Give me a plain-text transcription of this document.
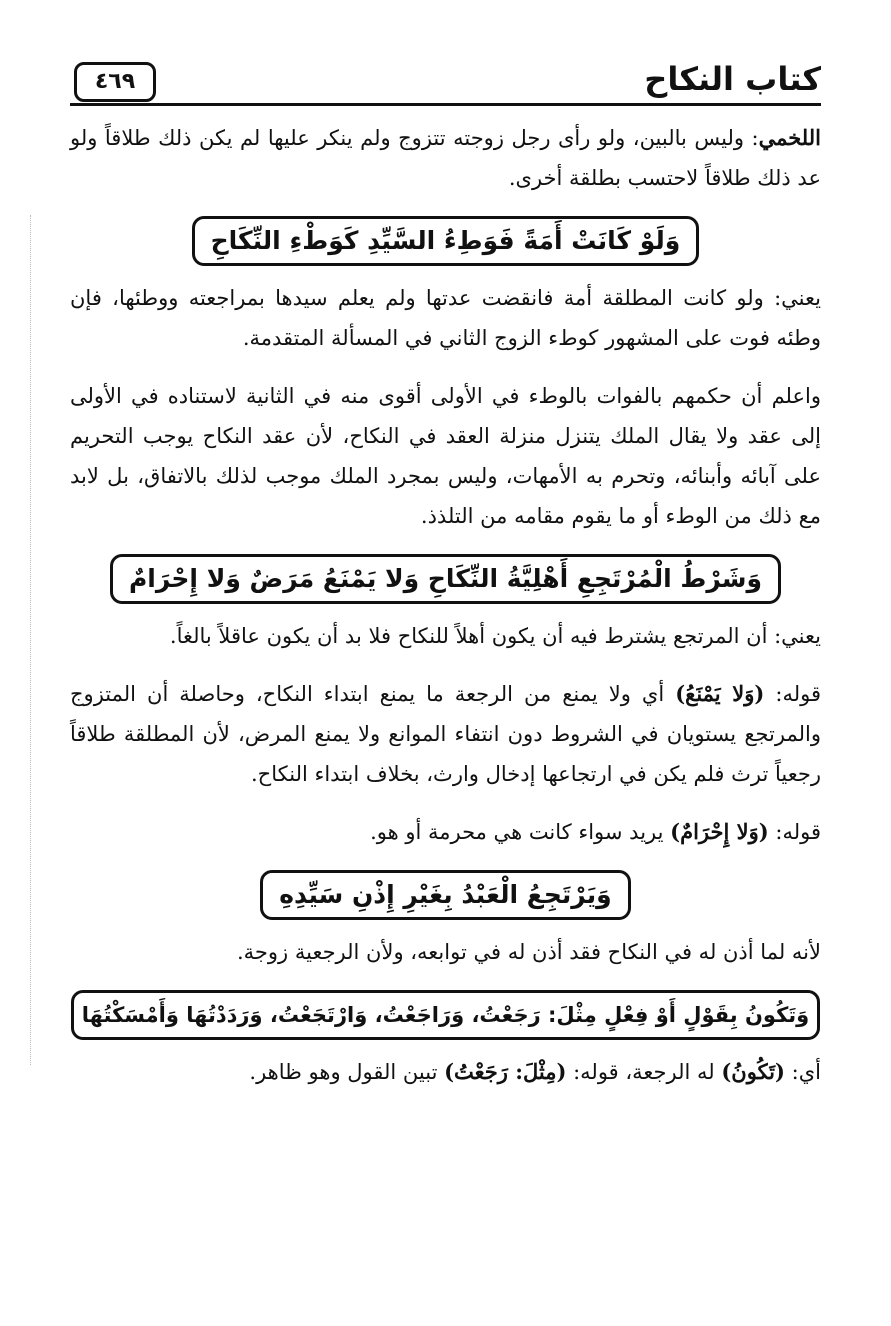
كتاب النكاح
٤٦٩

اللخمي: وليس بالبين، ولو رأى رجل زوجته تتزوج ولم ينكر عليها لم يكن ذلك طلاقاً ولو عد ذلك طلاقاً لاحتسب بطلقة أخرى.

وَلَوْ كَانَتْ أَمَةً فَوَطِءُ السَّيِّدِ كَوَطْءِ النِّكَاحِ

يعني: ولو كانت المطلقة أمة فانقضت عدتها ولم يعلم سيدها بمراجعته ووطئها، فإن وطئه فوت على المشهور كوطء الزوج الثاني في المسألة المتقدمة.

واعلم أن حكمهم بالفوات بالوطء في الأولى أقوى منه في الثانية لاستناده في الأولى إلى عقد ولا يقال الملك يتنزل منزلة العقد في النكاح، لأن عقد النكاح يوجب التحريم على آبائه وأبنائه، وتحرم به الأمهات، وليس بمجرد الملك موجب لذلك بالاتفاق، بل لابد مع ذلك من الوطء أو ما يقوم مقامه من التلذذ.

وَشَرْطُ الْمُرْتَجِعِ أَهْلِيَّةُ النِّكَاحِ وَلا يَمْنَعُ مَرَضٌ وَلا إِحْرَامٌ

يعني: أن المرتجع يشترط فيه أن يكون أهلاً للنكاح فلا بد أن يكون عاقلاً بالغاً.

قوله: (وَلا يَمْنَعُ) أي ولا يمنع من الرجعة ما يمنع ابتداء النكاح، وحاصلة أن المتزوج والمرتجع يستويان في الشروط دون انتفاء الموانع ولا يمنع المرض، لأن المطلقة طلاقاً رجعياً ترث فلم يكن في ارتجاعها إدخال وارث، بخلاف ابتداء النكاح.

قوله: (وَلا إِحْرَامٌ) يريد سواء كانت هي محرمة أو هو.

وَيَرْتَجِعُ الْعَبْدُ بِغَيْرِ إِذْنِ سَيِّدِهِ

لأنه لما أذن له في النكاح فقد أذن له في توابعه، ولأن الرجعية زوجة.

وَتَكُونُ بِقَوْلٍ أَوْ فِعْلٍ مِثْلَ: رَجَعْتُ، وَرَاجَعْتُ، وَارْتَجَعْتُ، وَرَدَدْتُهَا وَأَمْسَكْتُهَا

أي: (تَكُونُ) له الرجعة، قوله: (مِثْلَ: رَجَعْتُ) تبين القول وهو ظاهر.
